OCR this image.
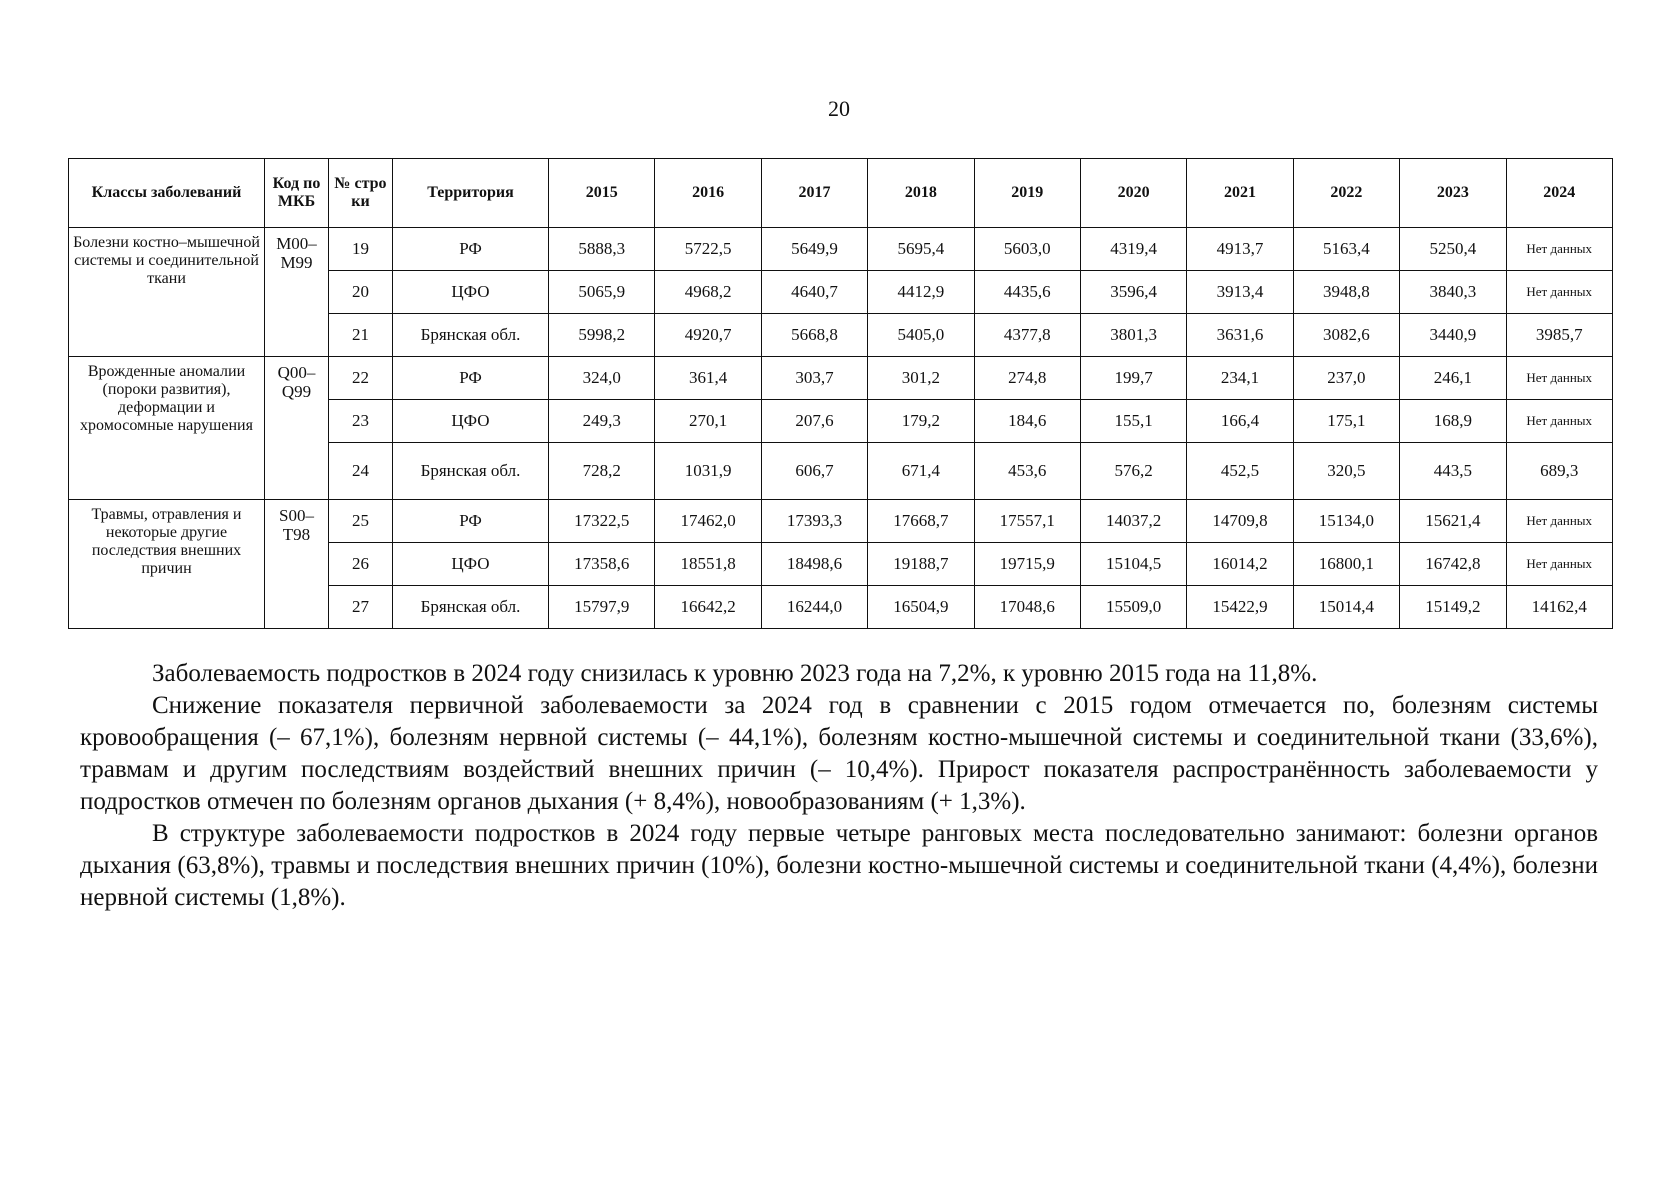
20
Классы заболеваний	Код по МКБ	№ стро ки	Территория	2015	2016	2017	2018	2019	2020	2021	2022	2023	2024
Болезни костно–мышечной системы и соединительной ткани	М00– М99	19	РФ	5888,3	5722,5	5649,9	5695,4	5603,0	4319,4	4913,7	5163,4	5250,4	Нет данных
		20	ЦФО	5065,9	4968,2	4640,7	4412,9	4435,6	3596,4	3913,4	3948,8	3840,3	Нет данных
		21	Брянская обл.	5998,2	4920,7	5668,8	5405,0	4377,8	3801,3	3631,6	3082,6	3440,9	3985,7
Врожденные аномалии (пороки развития), деформации и хромосомные нарушения	Q00– Q99	22	РФ	324,0	361,4	303,7	301,2	274,8	199,7	234,1	237,0	246,1	Нет данных
		23	ЦФО	249,3	270,1	207,6	179,2	184,6	155,1	166,4	175,1	168,9	Нет данных
		24	Брянская обл.	728,2	1031,9	606,7	671,4	453,6	576,2	452,5	320,5	443,5	689,3
Травмы, отравления и некоторые другие последствия внешних причин	S00– T98	25	РФ	17322,5	17462,0	17393,3	17668,7	17557,1	14037,2	14709,8	15134,0	15621,4	Нет данных
		26	ЦФО	17358,6	18551,8	18498,6	19188,7	19715,9	15104,5	16014,2	16800,1	16742,8	Нет данных
		27	Брянская обл.	15797,9	16642,2	16244,0	16504,9	17048,6	15509,0	15422,9	15014,4	15149,2	14162,4

Заболеваемость подростков в 2024 году снизилась к уровню 2023 года на 7,2%, к уровню 2015 года на 11,8%.

Снижение показателя первичной заболеваемости за 2024 год в сравнении с 2015 годом отмечается по, болезням системы кровообращения (– 67,1%), болезням нервной системы (– 44,1%), болезням костно-мышечной системы и соединительной ткани (33,6%), травмам и другим последствиям воздействий внешних причин (– 10,4%). Прирост показателя распространённость заболеваемости у подростков отмечен по болезням органов дыхания (+ 8,4%), новообразованиям (+ 1,3%).

В структуре заболеваемости подростков в 2024 году первые четыре ранговых места последовательно занимают: болезни органов дыхания (63,8%), травмы и последствия внешних причин (10%), болезни костно-мышечной системы и соединительной ткани (4,4%), болезни нервной системы (1,8%).
